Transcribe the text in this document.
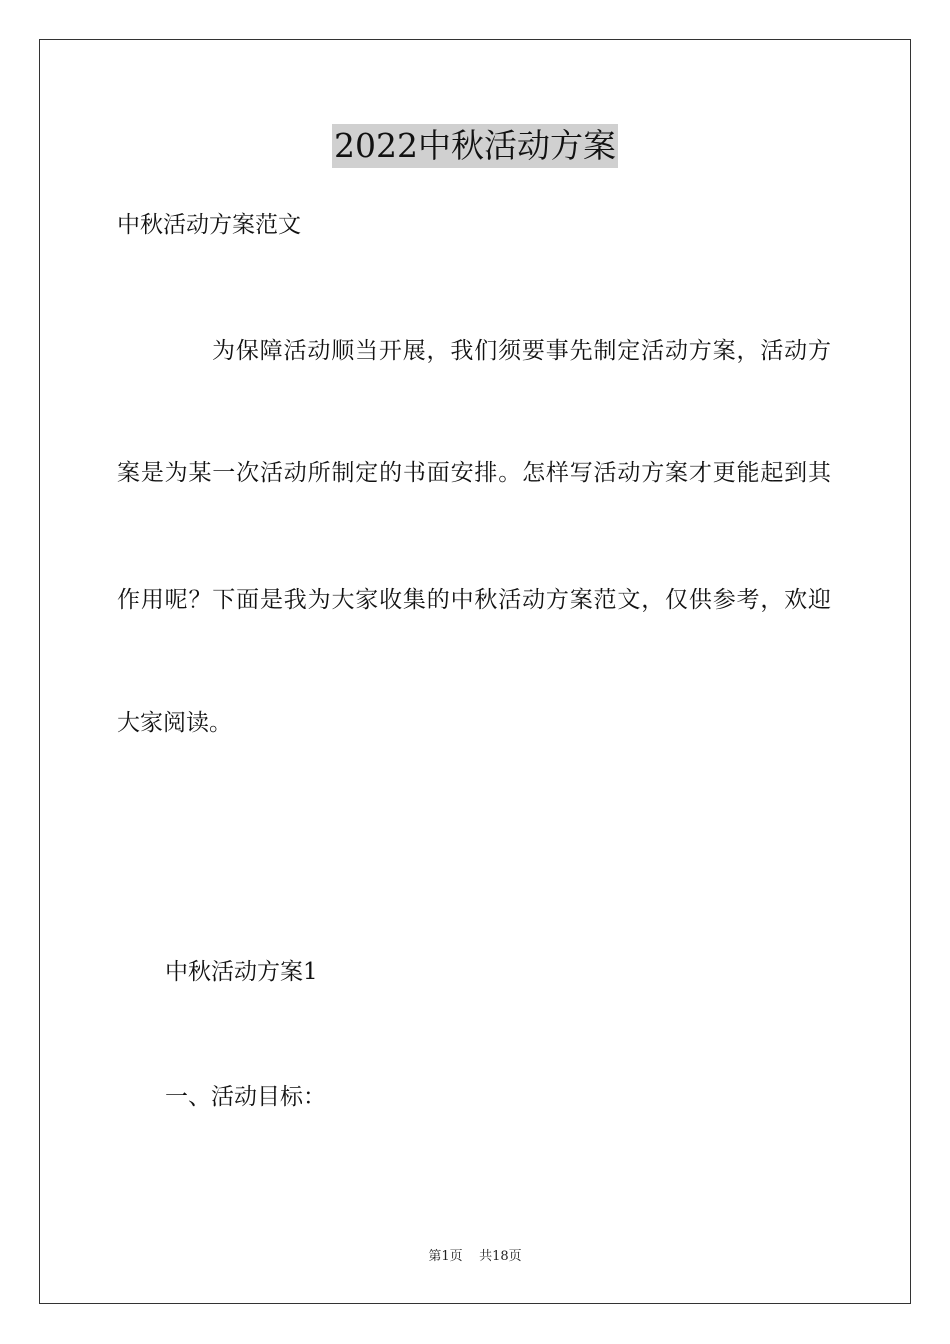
2022中秋活动方案
中秋活动方案范文
为保障活动顺当开展，我们须要事先制定活动方案，活动方
案是为某一次活动所制定的书面安排。怎样写活动方案才更能起到其
作用呢？下面是我为大家收集的中秋活动方案范文，仅供参考，欢迎
大家阅读。
中秋活动方案1
一、活动目标：
第1页 共18页
